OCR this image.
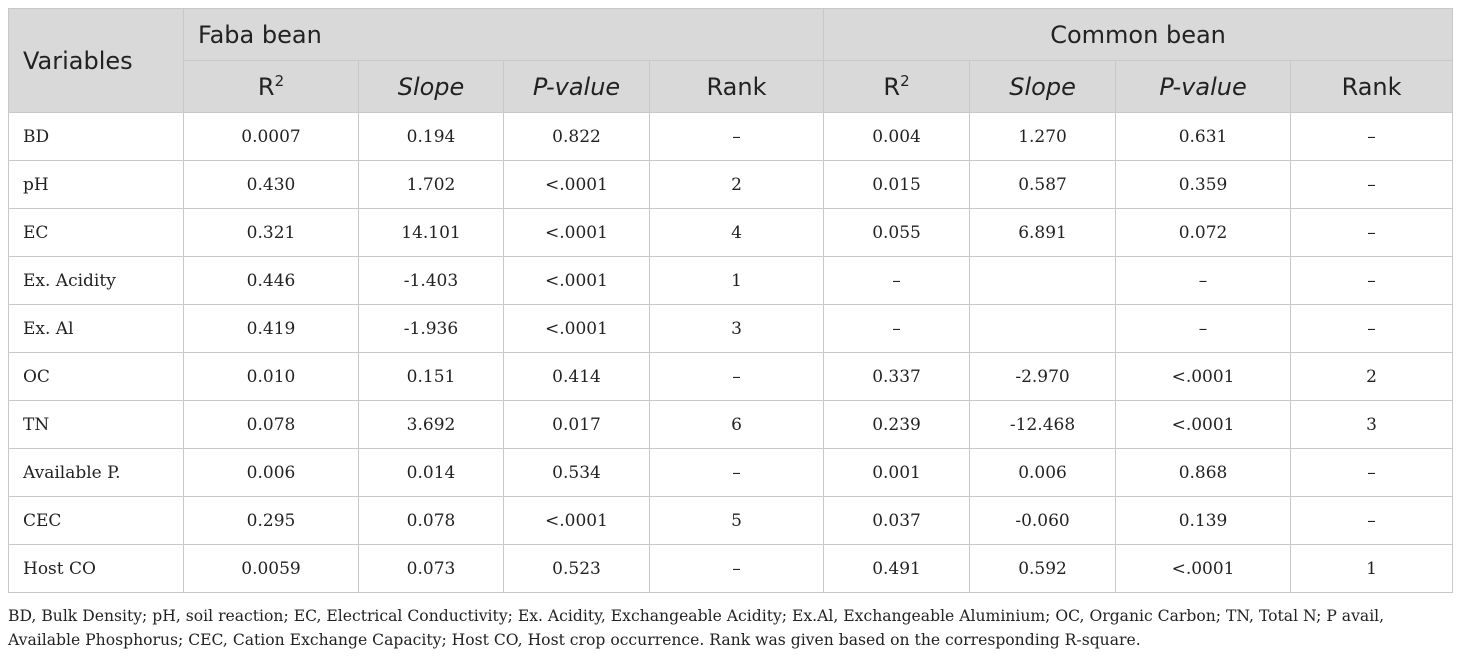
Variables	Faba bean				Common bean			
	$R^2$	Slope	P-value	Rank	$R^2$	Slope	P-value	Rank
BD	0.0007	0.194	0.822	–	0.004	1.270	0.631	–
pH	0.430	1.702	<.0001	2	0.015	0.587	0.359	–
EC	0.321	14.101	<.0001	4	0.055	6.891	0.072	–
Ex. Acidity	0.446	-1.403	<.0001	1	–		–	–
Ex. Al	0.419	-1.936	<.0001	3	–		–	–
OC	0.010	0.151	0.414	–	0.337	-2.970	<.0001	2
TN	0.078	3.692	0.017	6	0.239	-12.468	<.0001	3
Available P.	0.006	0.014	0.534	–	0.001	0.006	0.868	–
CEC	0.295	0.078	<.0001	5	0.037	-0.060	0.139	–
Host CO	0.0059	0.073	0.523	–	0.491	0.592	<.0001	1
BD, Bulk Density; pH, soil reaction; EC, Electrical Conductivity; Ex. Acidity, Exchangeable Acidity; Ex.Al, Exchangeable Aluminium; OC, Organic Carbon; TN, Total N; P avail, Available Phosphorus; CEC, Cation Exchange Capacity; Host CO, Host crop occurrence. Rank was given based on the corresponding R-square.
